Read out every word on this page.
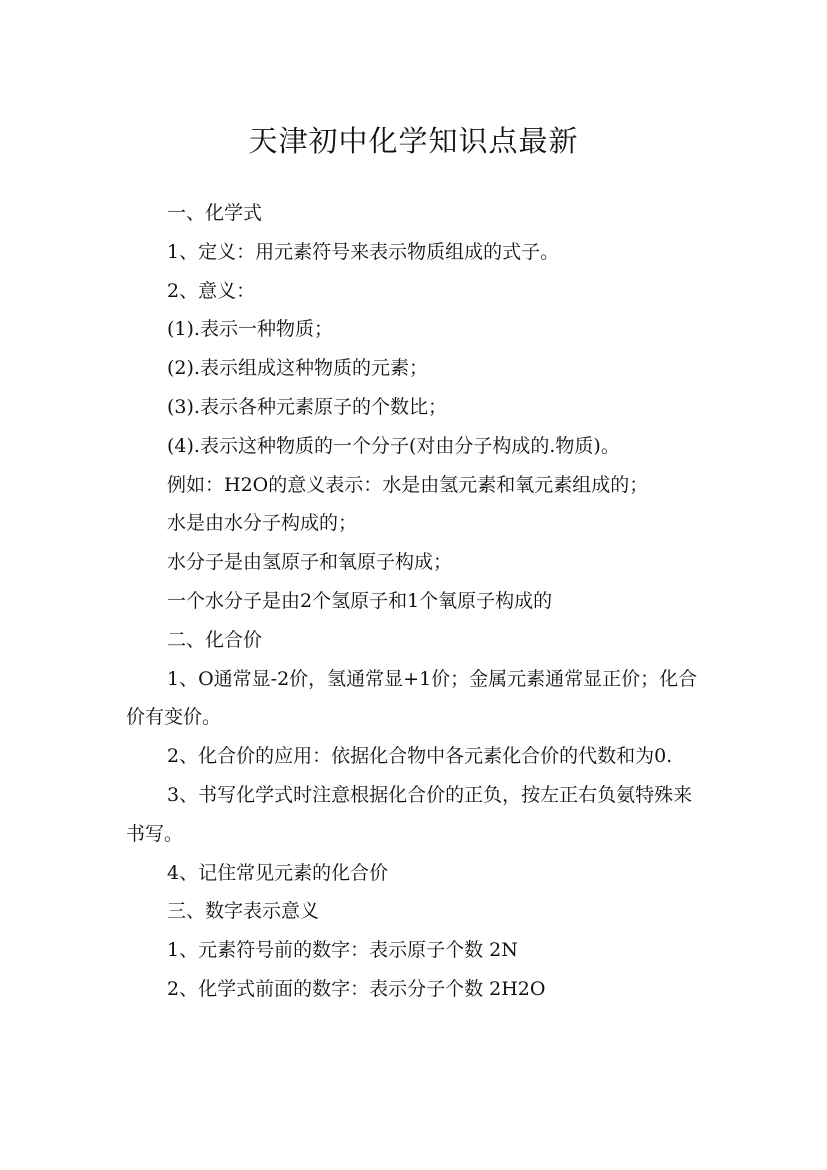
天津初中化学知识点最新

一、化学式

1、定义：用元素符号来表示物质组成的式子。

2、意义：

(1).表示一种物质；

(2).表示组成这种物质的元素；

(3).表示各种元素原子的个数比；

(4).表示这种物质的一个分子(对由分子构成的.物质)。

例如：H2O的意义表示：水是由氢元素和氧元素组成的；

水是由水分子构成的；

水分子是由氢原子和氧原子构成；

一个水分子是由2个氢原子和1个氧原子构成的

二、化合价

1、O通常显-2价，氢通常显+1价；金属元素通常显正价；化合价有变价。

2、化合价的应用：依据化合物中各元素化合价的代数和为0.

3、书写化学式时注意根据化合价的正负，按左正右负氨特殊来书写。

4、记住常见元素的化合价

三、数字表示意义

1、元素符号前的数字：表示原子个数 2N

2、化学式前面的数字：表示分子个数 2H2O
